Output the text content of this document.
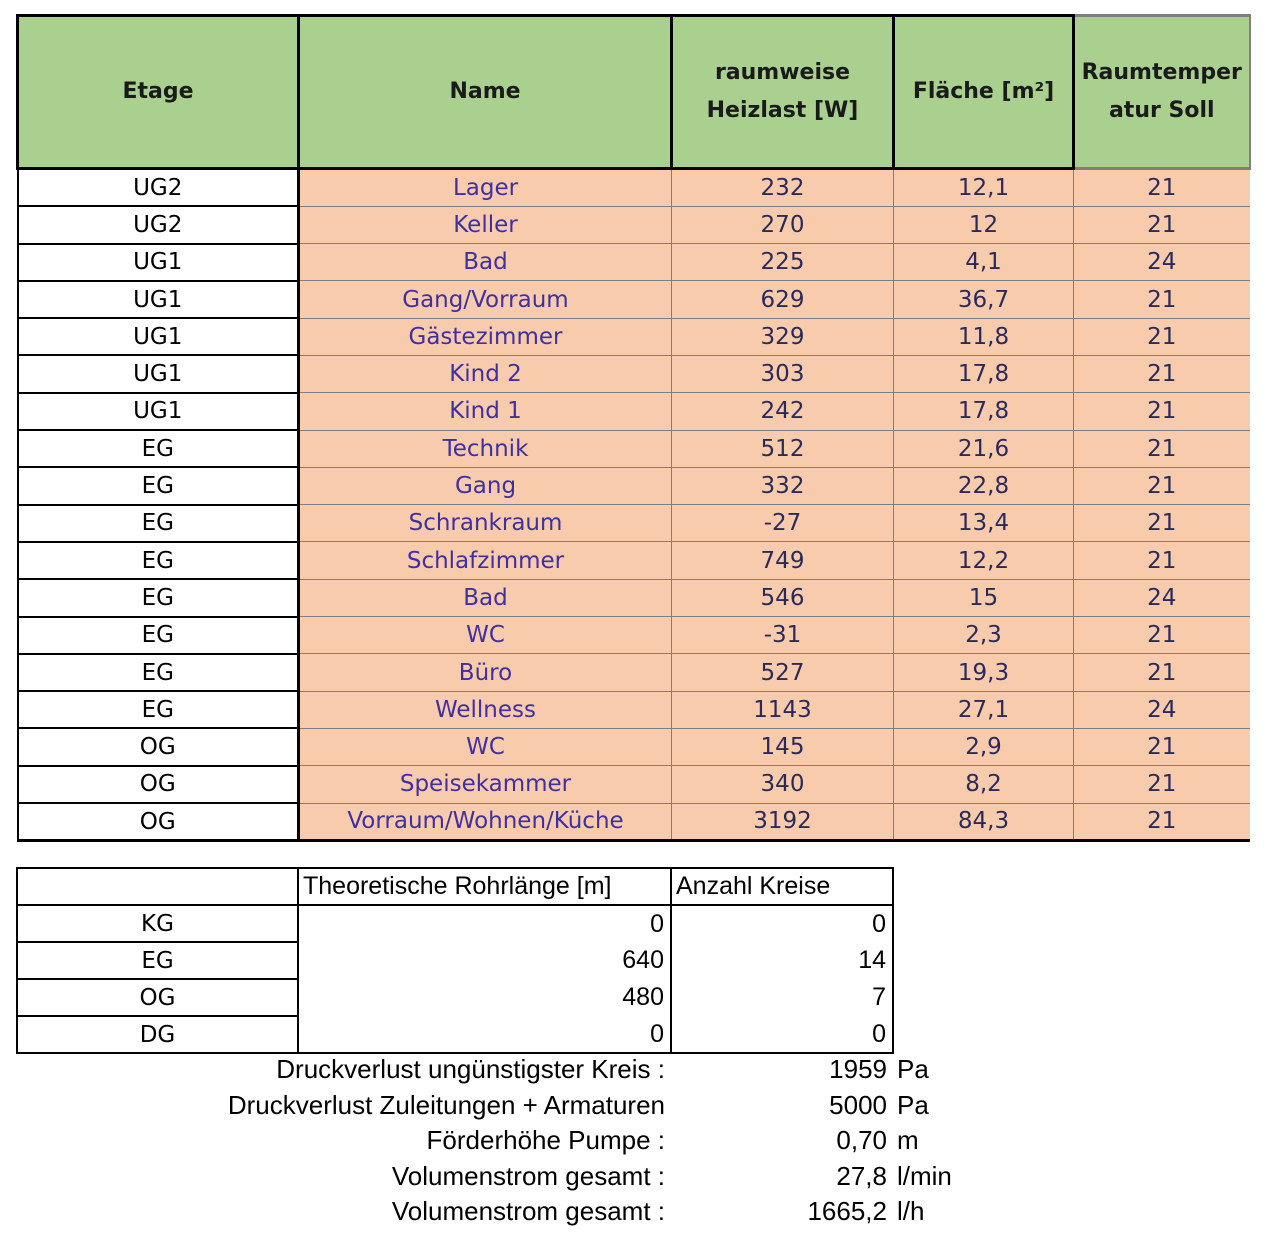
Etage	Name	raumweise Heizlast [W]	Fläche [m²]	Raumtemperatur Soll
UG2	Lager	232	12,1	21
UG2	Keller	270	12	21
UG1	Bad	225	4,1	24
UG1	Gang/Vorraum	629	36,7	21
UG1	Gästezimmer	329	11,8	21
UG1	Kind 2	303	17,8	21
UG1	Kind 1	242	17,8	21
EG	Technik	512	21,6	21
EG	Gang	332	22,8	21
EG	Schrankraum	-27	13,4	21
EG	Schlafzimmer	749	12,2	21
EG	Bad	546	15	24
EG	WC	-31	2,3	21
EG	Büro	527	19,3	21
EG	Wellness	1143	27,1	24
OG	WC	145	2,9	21
OG	Speisekammer	340	8,2	21
OG	Vorraum/Wohnen/Küche	3192	84,3	21
	Theoretische Rohrlänge [m]	Anzahl Kreise
KG	0	0
EG	640	14
OG	480	7
DG	0	0
Druckverlust ungünstigster Kreis :	1959 Pa
Druckverlust Zuleitungen + Armaturen	5000 Pa
Förderhöhe Pumpe :	0,70 m
Volumenstrom gesamt :	27,8 l/min
Volumenstrom gesamt :	1665,2 l/h
